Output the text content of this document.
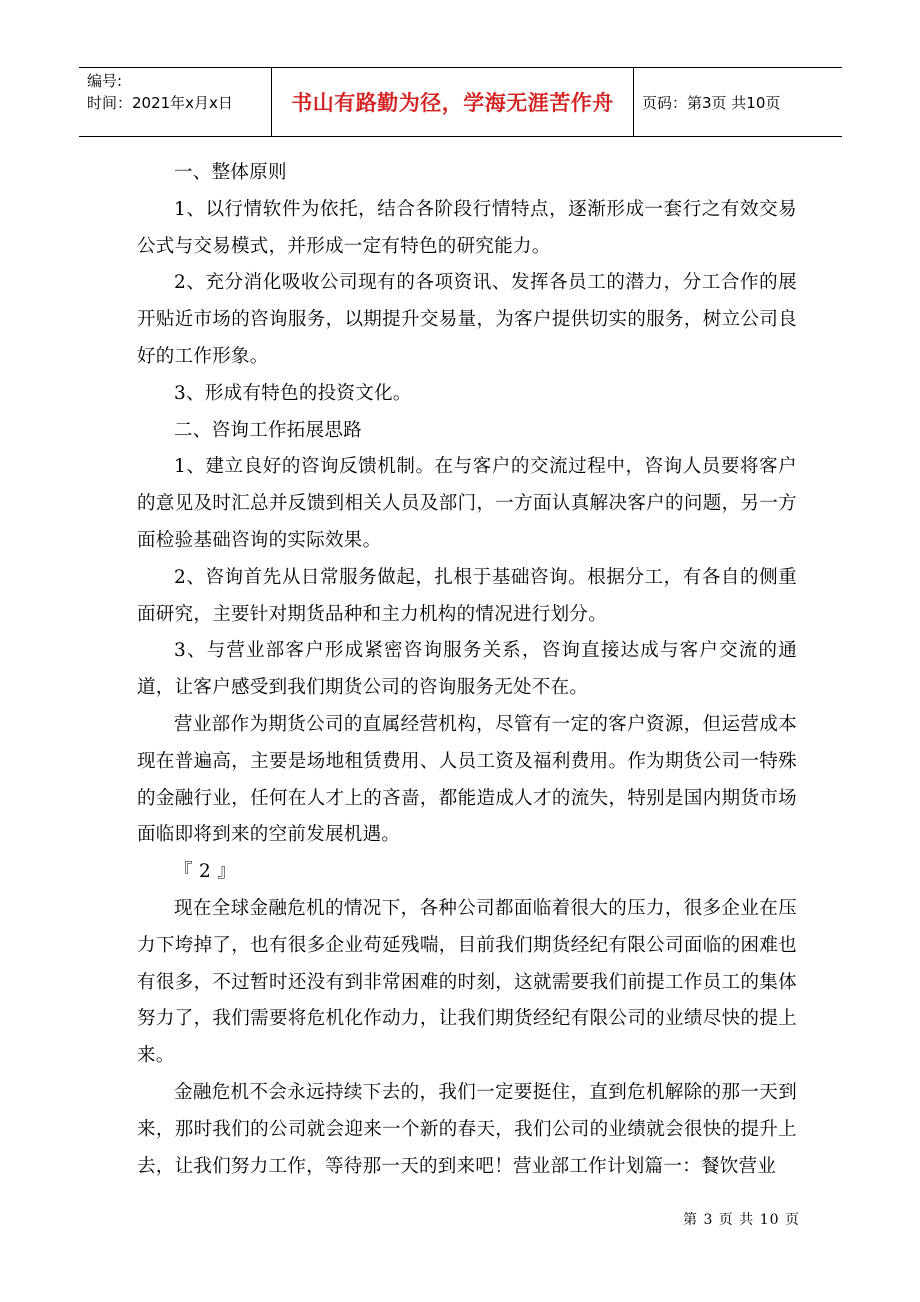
编号:
时间：2021年x月x日	书山有路勤为径，学海无涯苦作舟 页码：第3页 共10页

一、整体原则

1、以行情软件为依托，结合各阶段行情特点，逐渐形成一套行之有效交易公式与交易模式，并形成一定有特色的研究能力。

2、充分消化吸收公司现有的各项资讯、发挥各员工的潜力，分工合作的展开贴近市场的咨询服务，以期提升交易量，为客户提供切实的服务，树立公司良好的工作形象。

3、形成有特色的投资文化。

二、咨询工作拓展思路

1、建立良好的咨询反馈机制。在与客户的交流过程中，咨询人员要将客户的意见及时汇总并反馈到相关人员及部门，一方面认真解决客户的问题，另一方面检验基础咨询的实际效果。

2、咨询首先从日常服务做起，扎根于基础咨询。根据分工，有各自的侧重面研究，主要针对期货品种和主力机构的情况进行划分。

3、与营业部客户形成紧密咨询服务关系，咨询直接达成与客户交流的通道，让客户感受到我们期货公司的咨询服务无处不在。

营业部作为期货公司的直属经营机构，尽管有一定的客户资源，但运营成本现在普遍高，主要是场地租赁费用、人员工资及福利费用。作为期货公司一特殊的金融行业，任何在人才上的吝啬，都能造成人才的流失，特别是国内期货市场面临即将到来的空前发展机遇。

『 2 』

现在全球金融危机的情况下，各种公司都面临着很大的压力，很多企业在压力下垮掉了，也有很多企业苟延残喘，目前我们期货经纪有限公司面临的困难也有很多，不过暂时还没有到非常困难的时刻，这就需要我们前提工作员工的集体努力了，我们需要将危机化作动力，让我们期货经纪有限公司的业绩尽快的提上来。

金融危机不会永远持续下去的，我们一定要挺住，直到危机解除的那一天到来，那时我们的公司就会迎来一个新的春天，我们公司的业绩就会很快的提升上去，让我们努力工作，等待那一天的到来吧！营业部工作计划篇一：餐饮营业

第 3 页 共 10 页
